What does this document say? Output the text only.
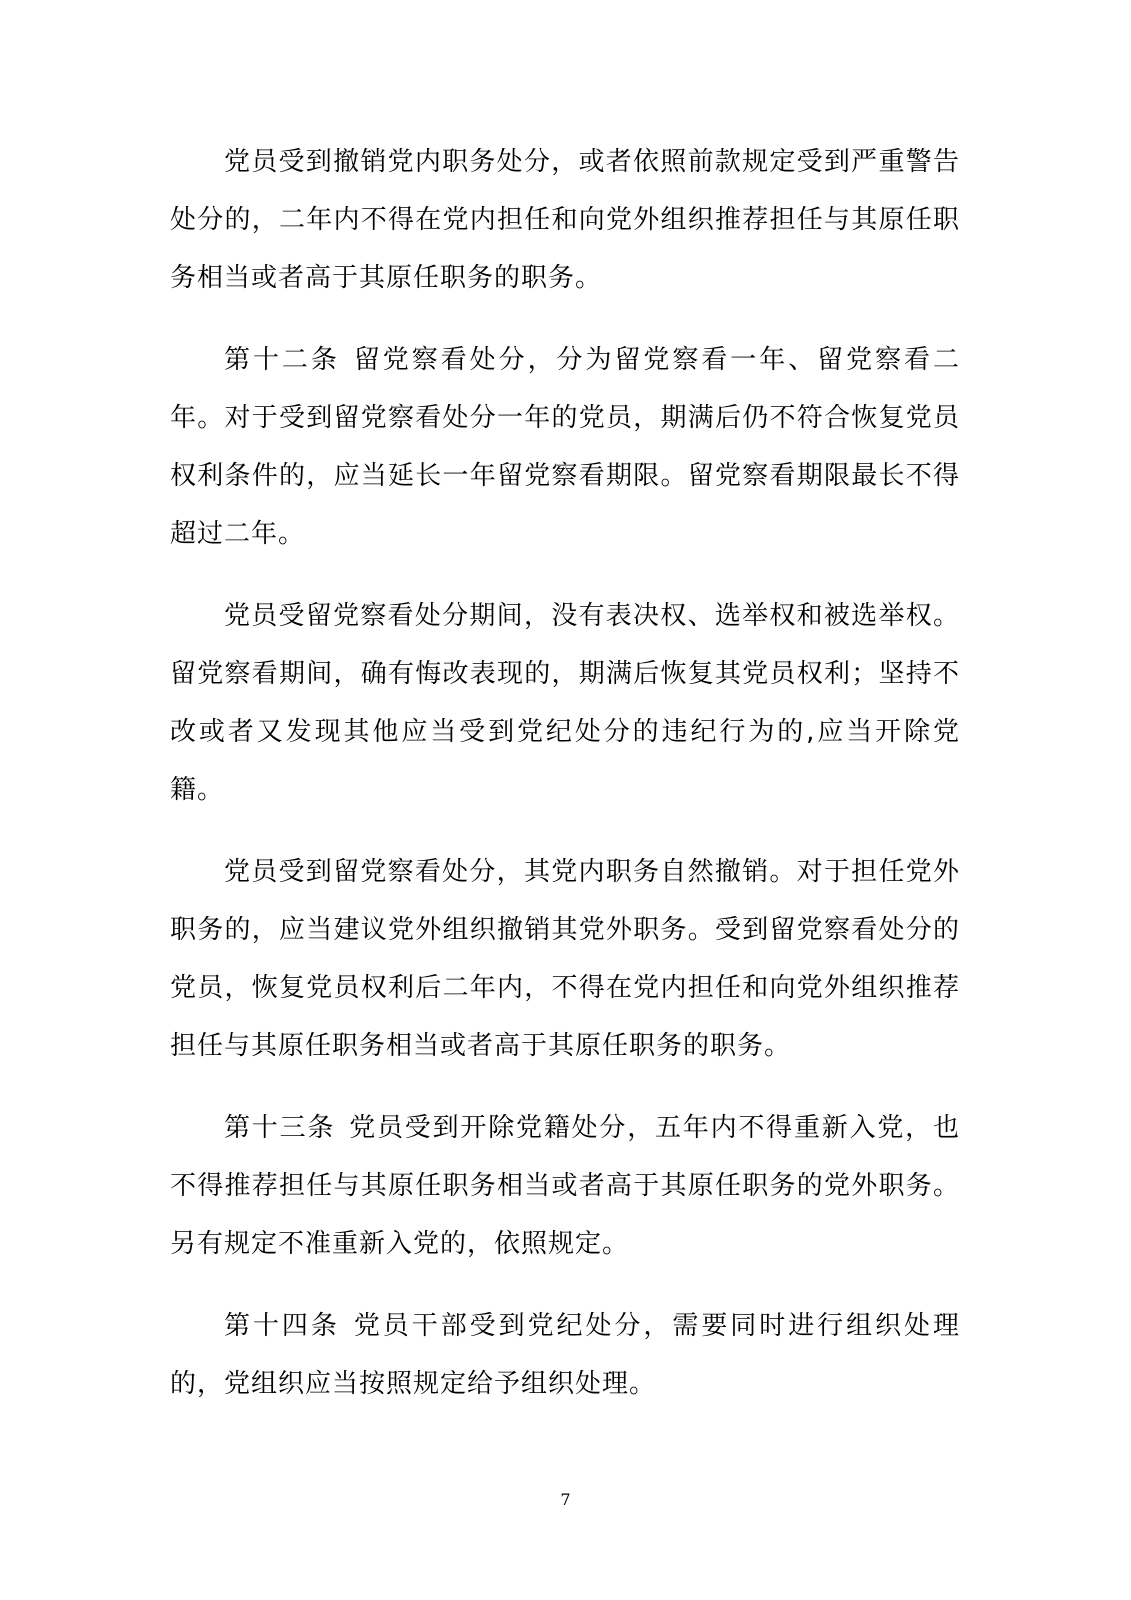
党员受到撤销党内职务处分，或者依照前款规定受到严重警告处分的，二年内不得在党内担任和向党外组织推荐担任与其原任职务相当或者高于其原任职务的职务。

第十二条 留党察看处分，分为留党察看一年、留党察看二年。对于受到留党察看处分一年的党员，期满后仍不符合恢复党员权利条件的，应当延长一年留党察看期限。留党察看期限最长不得超过二年。

党员受留党察看处分期间，没有表决权、选举权和被选举权。留党察看期间，确有悔改表现的，期满后恢复其党员权利；坚持不改或者又发现其他应当受到党纪处分的违纪行为的,应当开除党籍。

党员受到留党察看处分，其党内职务自然撤销。对于担任党外职务的，应当建议党外组织撤销其党外职务。受到留党察看处分的党员，恢复党员权利后二年内，不得在党内担任和向党外组织推荐担任与其原任职务相当或者高于其原任职务的职务。

第十三条 党员受到开除党籍处分，五年内不得重新入党，也不得推荐担任与其原任职务相当或者高于其原任职务的党外职务。另有规定不准重新入党的，依照规定。

第十四条 党员干部受到党纪处分，需要同时进行组织处理的，党组织应当按照规定给予组织处理。

7
